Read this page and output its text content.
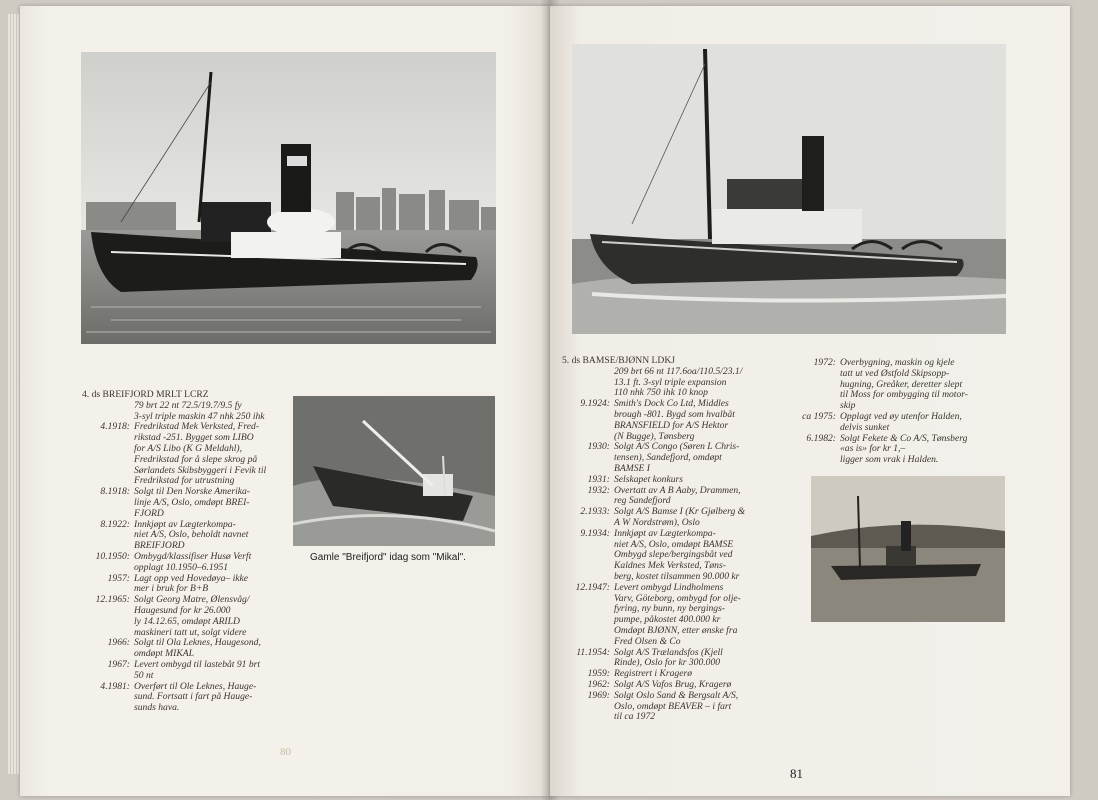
4. ds BREIFJORD MRLT LCRZ
79 brt 22 nt 72.5/19.7/9.5 fy
3-syl triple maskin 47 nhk 250 ihk
4.1918: Fredrikstad Mek Verksted, Fred-
rikstad -251. Bygget som LIBO
for A/S Libo (K G Meldahl),
Fredrikstad for å slepe skrog på
Sørlandets Skibsbyggeri i Fevik til
Fredrikstad for utrustning
8.1918: Solgt til Den Norske Amerika-
linje A/S, Oslo, omdøpt BREI-
FJORD
8.1922: Innkjøpt av Lægterkompa-
niet A/S, Oslo, beholdt navnet
BREIFJORD
10.1950: Ombygd/klassifiser Husø Verft
opplagt 10.1950–6.1951
1957: Lagt opp ved Hovedøya– ikke
mer i bruk for B+B
12.1965: Solgt Georg Matre, Ølensvåg/
Haugesund for kr 26.000
ly 14.12.65, omdøpt ARILD
maskineri tatt ut, solgt videre
1966: Solgt til Ola Leknes, Haugesond,
omdøpt MIKAL
1967: Levert ombygd til lastebåt 91 brt
50 nt
4.1981: Overført til Ole Leknes, Hauge-
sund. Fortsatt i fart på Hauge-
sunds hava.
Gamle "Breifjord" idag som "Mikal".
80
5. ds BAMSE/BJØNN LDKJ
209 brt 66 nt 117.6oa/110.5/23.1/
13.1 ft. 3-syl triple expansion
110 nhk 750 ihk 10 knop
9.1924: Smith's Dock Co Ltd, Middles
brough -801. Bygd som hvalbåt
BRANSFIELD for A/S Hektor
(N Bugge), Tønsberg
1930: Solgt A/S Congo (Søren L Chris-
tensen), Sandefjord, omdøpt
BAMSE I
1931: Selskapet konkurs
1932: Overtatt av A B Aaby, Drammen,
reg Sandefjord
2.1933: Solgt A/S Bamse I (Kr Gjølberg &
A W Nordstrøm), Oslo
9.1934: Innkjøpt av Lægterkompa-
niet A/S, Oslo, omdøpt BAMSE
Ombygd slepe/bergingsbåt ved
Kaldnes Mek Verksted, Tøns-
berg, kostet tilsammen 90.000 kr
12.1947: Levert ombygd Lindholmens
Varv, Göteborg, ombygd for olje-
fyring, ny bunn, ny bergings-
pumpe, påkostet 400.000 kr
Omdøpt BJØNN, etter ønske fra
Fred Olsen & Co
11.1954: Solgt A/S Trælandsfos (Kjell
Rinde), Oslo for kr 300.000
1959: Registrert i Kragerø
1962: Solgt A/S Vafos Brug, Kragerø
1969: Solgt Oslo Sand & Bergsalt A/S,
Oslo, omdøpt BEAVER – i fart
til ca 1972
1972: Overbygning, maskin og kjele
tatt ut ved Østfold Skipsopp-
hugning, Greåker, deretter slept
til Moss for ombygging til motor-
skip
ca 1975: Opplagt ved øy utenfor Halden,
delvis sunket
6.1982: Solgt Fekete & Co A/S, Tønsberg
«as is» for kr 1,–
ligger som vrak i Halden.
81
